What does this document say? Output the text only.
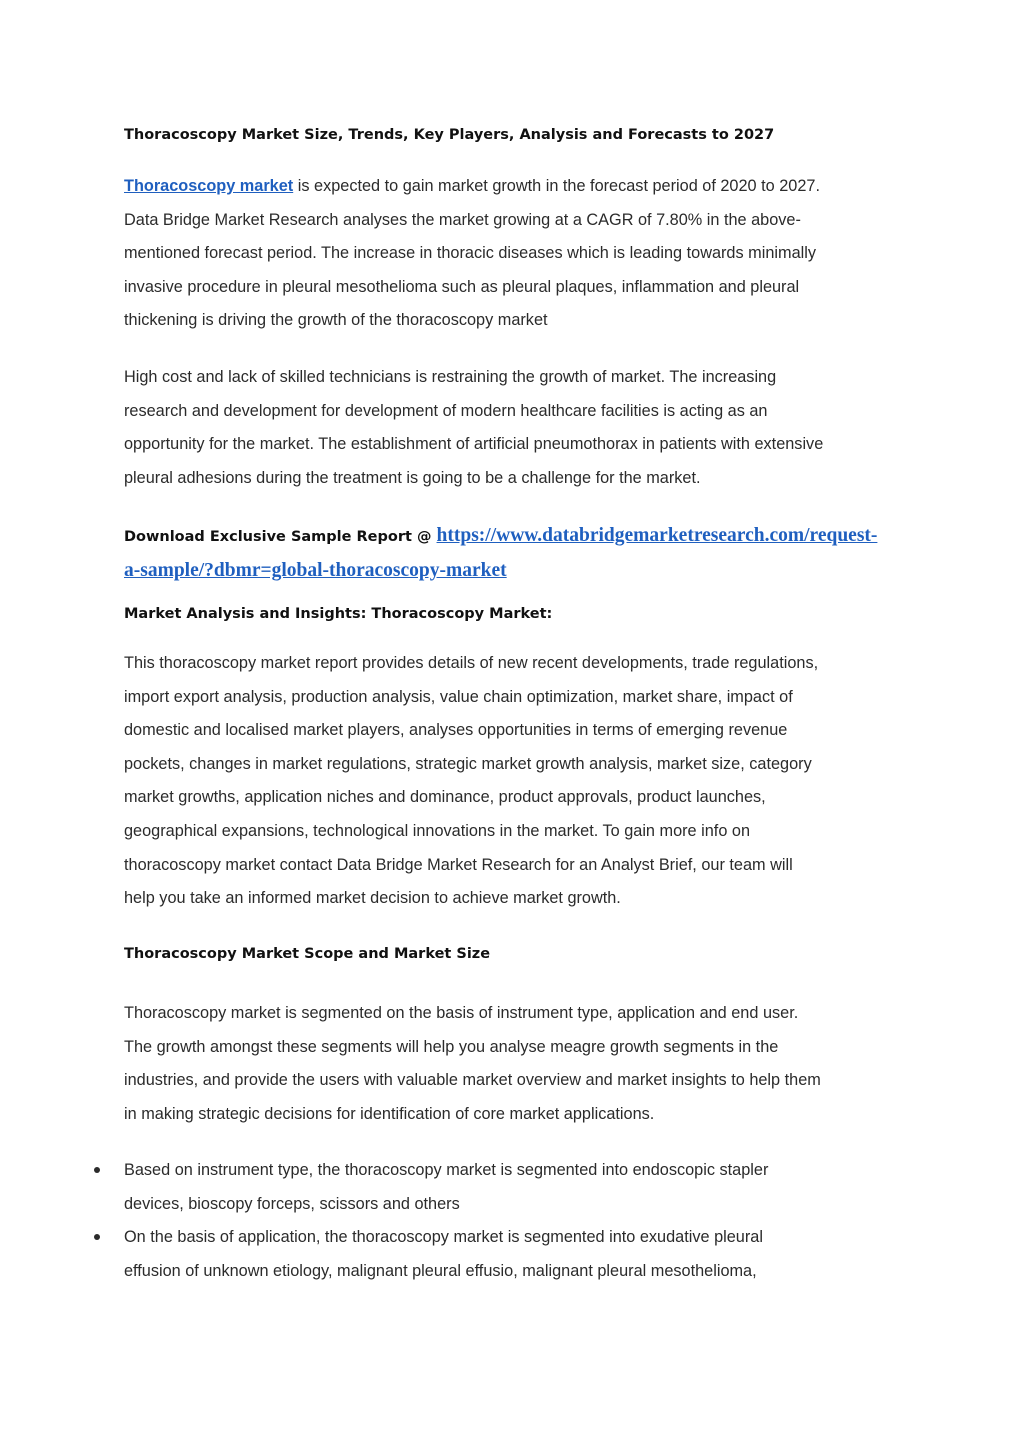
Thoracoscopy Market Size, Trends, Key Players, Analysis and Forecasts to 2027
Thoracoscopy market is expected to gain market growth in the forecast period of 2020 to 2027.
Data Bridge Market Research analyses the market growing at a CAGR of 7.80% in the above-
mentioned forecast period. The increase in thoracic diseases which is leading towards minimally
invasive procedure in pleural mesothelioma such as pleural plaques, inflammation and pleural
thickening is driving the growth of the thoracoscopy market
High cost and lack of skilled technicians is restraining the growth of market. The increasing
research and development for development of modern healthcare facilities is acting as an
opportunity for the market. The establishment of artificial pneumothorax in patients with extensive
pleural adhesions during the treatment is going to be a challenge for the market.
Download Exclusive Sample Report @ https://www.databridgemarketresearch.com/request-
a-sample/?dbmr=global-thoracoscopy-market
Market Analysis and Insights: Thoracoscopy Market:
This thoracoscopy market report provides details of new recent developments, trade regulations,
import export analysis, production analysis, value chain optimization, market share, impact of
domestic and localised market players, analyses opportunities in terms of emerging revenue
pockets, changes in market regulations, strategic market growth analysis, market size, category
market growths, application niches and dominance, product approvals, product launches,
geographical expansions, technological innovations in the market. To gain more info on
thoracoscopy market contact Data Bridge Market Research for an Analyst Brief, our team will
help you take an informed market decision to achieve market growth.
Thoracoscopy Market Scope and Market Size
Thoracoscopy market is segmented on the basis of instrument type, application and end user.
The growth amongst these segments will help you analyse meagre growth segments in the
industries, and provide the users with valuable market overview and market insights to help them
in making strategic decisions for identification of core market applications.
Based on instrument type, the thoracoscopy market is segmented into endoscopic stapler
devices, bioscopy forceps, scissors and others
On the basis of application, the thoracoscopy market is segmented into exudative pleural
effusion of unknown etiology, malignant pleural effusio, malignant pleural mesothelioma,
